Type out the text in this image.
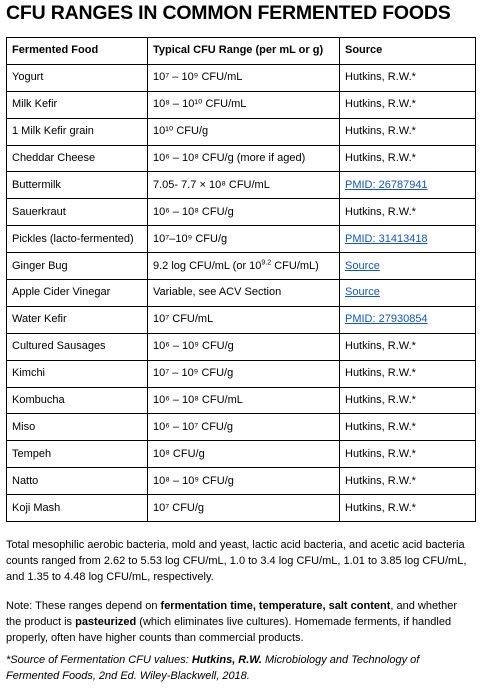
CFU RANGES IN COMMON FERMENTED FOODS
Fermented Food	Typical CFU Range (per mL or g)	Source
Yogurt	10⁷ – 10⁹ CFU/mL	Hutkins, R.W.*
Milk Kefir	10⁸ – 10¹⁰ CFU/mL	Hutkins, R.W.*
1 Milk Kefir grain	10¹⁰ CFU/g	Hutkins, R.W.*
Cheddar Cheese	10⁶ – 10⁸ CFU/g (more if aged)	Hutkins, R.W.*
Buttermilk	7.05- 7.7 × 10⁸ CFU/mL	PMID: 26787941
Sauerkraut	10⁶ – 10⁸ CFU/g	Hutkins, R.W.*
Pickles (lacto-fermented)	10⁷–10⁹ CFU/g	PMID: 31413418
Ginger Bug	9.2 log CFU/mL (or $10^{9.2}$ CFU/mL)	Source
Apple Cider Vinegar	Variable, see ACV Section	Source
Water Kefir	10⁷ CFU/mL	PMID: 27930854
Cultured Sausages	10⁶ – 10⁹ CFU/g	Hutkins, R.W.*
Kimchi	10⁷ – 10⁹ CFU/g	Hutkins, R.W.*
Kombucha	10⁶ – 10⁸ CFU/mL	Hutkins, R.W.*
Miso	10⁶ – 10⁷ CFU/g	Hutkins, R.W.*
Tempeh	10⁸ CFU/g	Hutkins, R.W.*
Natto	10⁸ – 10⁹ CFU/g	Hutkins, R.W.*
Koji Mash	10⁷ CFU/g	Hutkins, R.W.*

Total mesophilic aerobic bacteria, mold and yeast, lactic acid bacteria, and acetic acid bacteria counts ranged from 2.62 to 5.53 log CFU/mL, 1.0 to 3.4 log CFU/mL, 1.01 to 3.85 log CFU/mL, and 1.35 to 4.48 log CFU/mL, respectively.

Note: These ranges depend on fermentation time, temperature, salt content, and whether the product is pasteurized (which eliminates live cultures). Homemade ferments, if handled properly, often have higher counts than commercial products.

*Source of Fermentation CFU values: Hutkins, R.W. Microbiology and Technology of Fermented Foods, 2nd Ed. Wiley-Blackwell, 2018.
